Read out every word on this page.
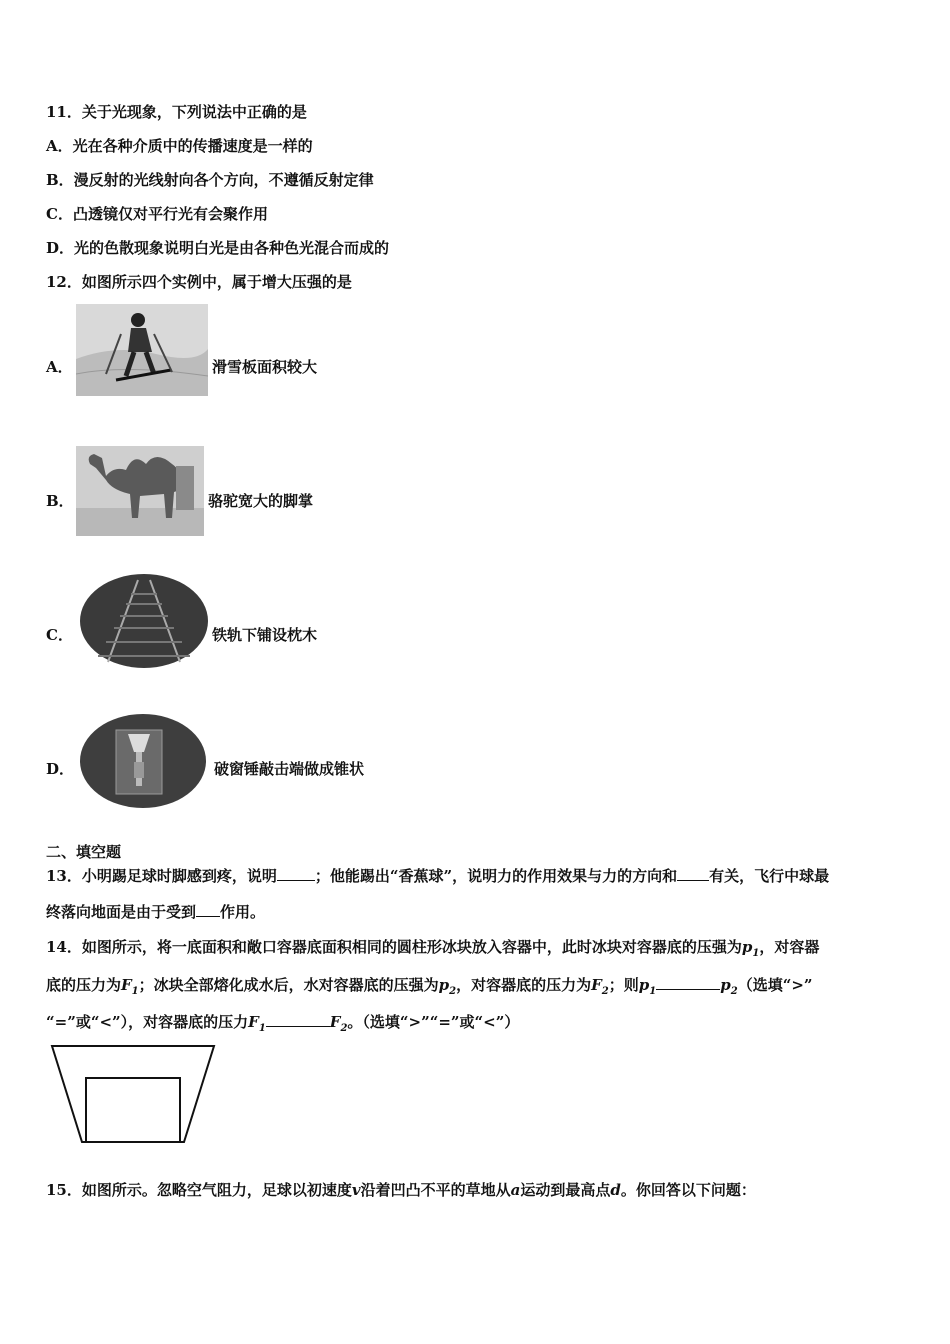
11．关于光现象，下列说法中正确的是
A．光在各种介质中的传播速度是一样的
B．漫反射的光线射向各个方向，不遵循反射定律
C．凸透镜仅对平行光有会聚作用
D．光的色散现象说明白光是由各种色光混合而成的
12．如图所示四个实例中，属于增大压强的是
A．	滑雪板面积较大
B．	骆驼宽大的脚掌
C．	铁轨下铺设枕木
D．	破窗锤敲击端做成锥状
二、填空题
13．小明踢足球时脚感到疼，说明	；他能踢出“香蕉球”，说明力的作用效果与力的方向和 有关，飞行中球最
终落向地面是由于受到 作用。
14．如图所示，将一底面积和敞口容器底面积相同的圆柱形冰块放入容器中，此时冰块对容器底的压强为$p_1$，对容器
底的压力为$F_1$；冰块全部熔化成水后，水对容器底的压强为$p_2$，对容器底的压力为$F_2$；则$p_1$	$p_2$（选填“>”
“=”或“<”），对容器底的压力$F_1$	$F_2$。（选填“>”“=”或“<”）
15．如图所示。忽略空气阻力，足球以初速度v沿着凹凸不平的草地从a运动到最高点d。你回答以下问题：
